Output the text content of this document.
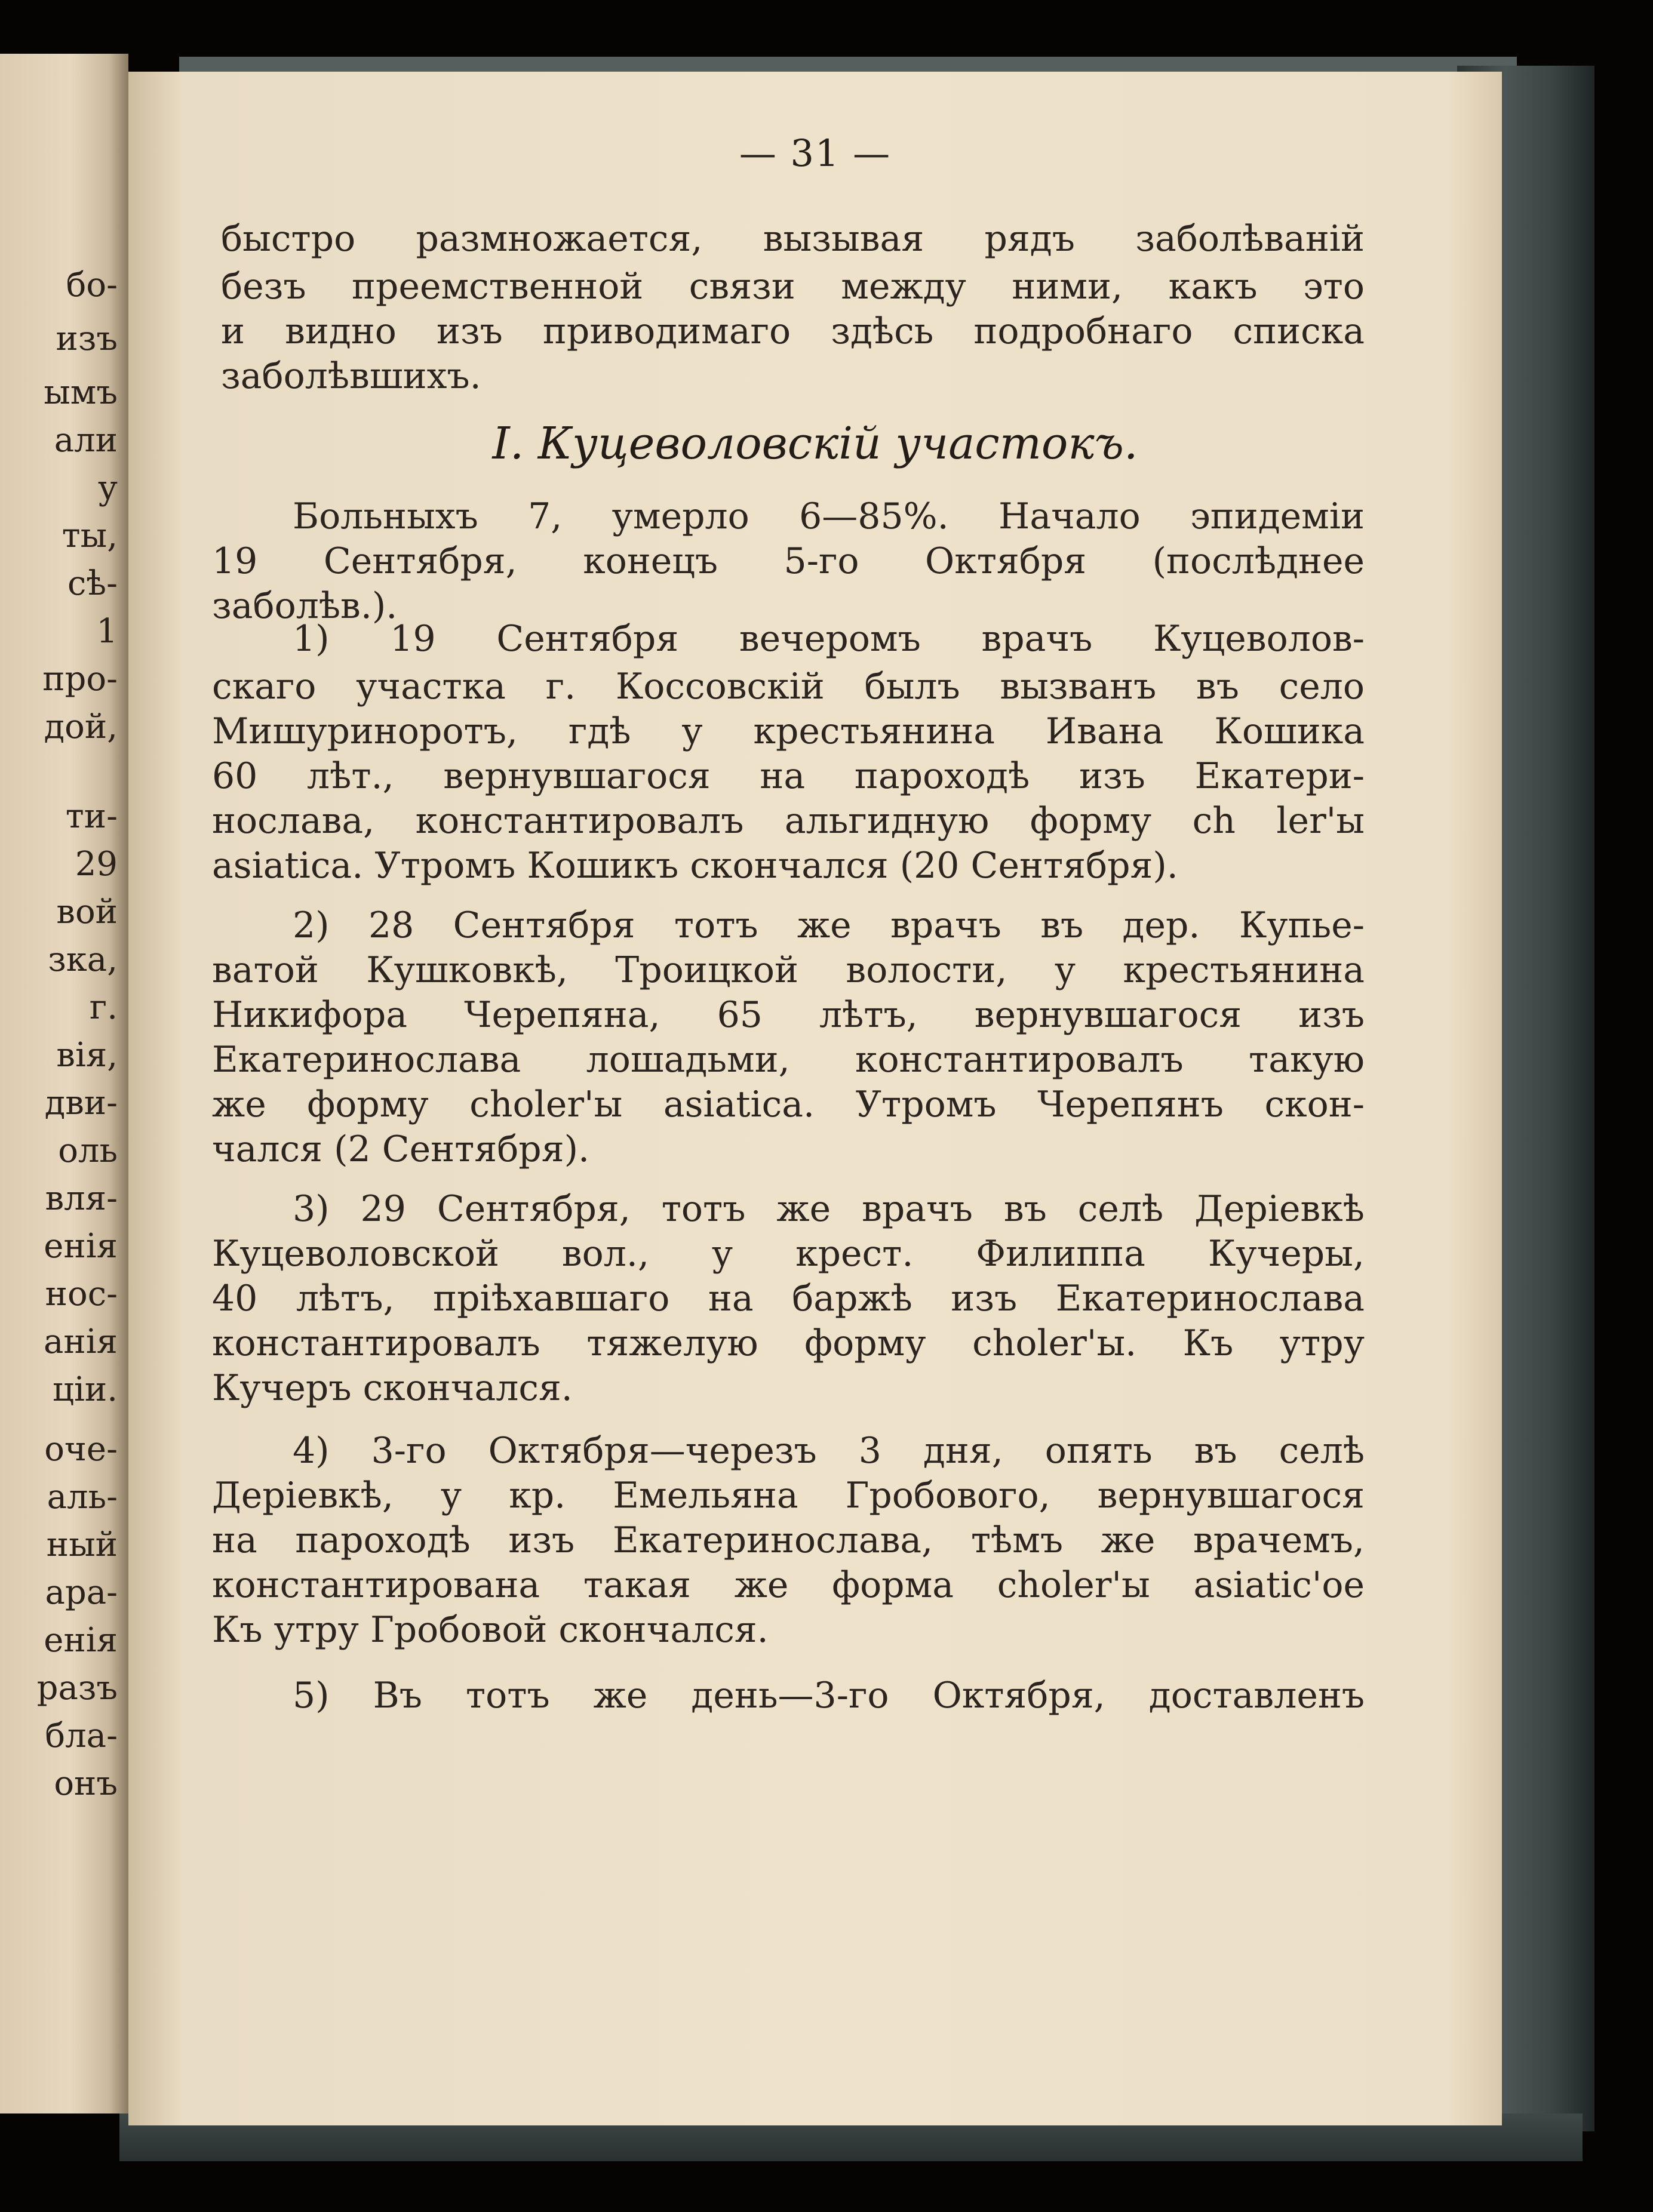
бо-
изъ
ымъ
али
у
ты,
сѣ-
1
про-
дой,
ти-
29
вой
зка,
г.
вія,
дви-
оль
вля-
енія
нос-
анія
ціи.
оче-
аль-
ный
ара-
енія
разъ
бла-
онъ
— 31 —
быстро размножается, вызывая рядъ заболѣваній
безъ преемственной связи между ними, какъ это
и видно изъ приводимаго здѣсь подробнаго списка
заболѣвшихъ.
I. Куцеволовскій участокъ.
Больныхъ 7, умерло 6—85%. Начало эпидеміи
19 Сентября, конецъ 5-го Октября (послѣднее
заболѣв.).
1) 19 Сентября вечеромъ врачъ Куцеволов-
скаго участка г. Коссовскій былъ вызванъ въ село
Мишуриноротъ, гдѣ у крестьянина Ивана Кошика
60 лѣт., вернувшагося на пароходѣ изъ Екатери-
нослава, константировалъ альгидную форму ch ler'ы
asiatica. Утромъ Кошикъ скончался (20 Сентября).
2) 28 Сентября тотъ же врачъ въ дер. Купье-
ватой Кушковкѣ, Троицкой волости, у крестьянина
Никифора Черепяна, 65 лѣтъ, вернувшагося изъ
Екатеринослава лошадьми, константировалъ такую
же форму choler'ы asiatica. Утромъ Черепянъ скон-
чался (2 Сентября).
3) 29 Сентября, тотъ же врачъ въ селѣ Деріевкѣ
Куцеволовской вол., у крест. Филиппа Кучеры,
40 лѣтъ, пріѣхавшаго на баржѣ изъ Екатеринослава
константировалъ тяжелую форму choler'ы. Къ утру
Кучеръ скончался.
4) 3-го Октября—черезъ 3 дня, опять въ селѣ
Деріевкѣ, у кр. Емельяна Гробового, вернувшагося
на пароходѣ изъ Екатеринослава, тѣмъ же врачемъ,
константирована такая же форма choler'ы asiatic'ое
Къ утру Гробовой скончался.
5) Въ тотъ же день—3-го Октября, доставленъ
